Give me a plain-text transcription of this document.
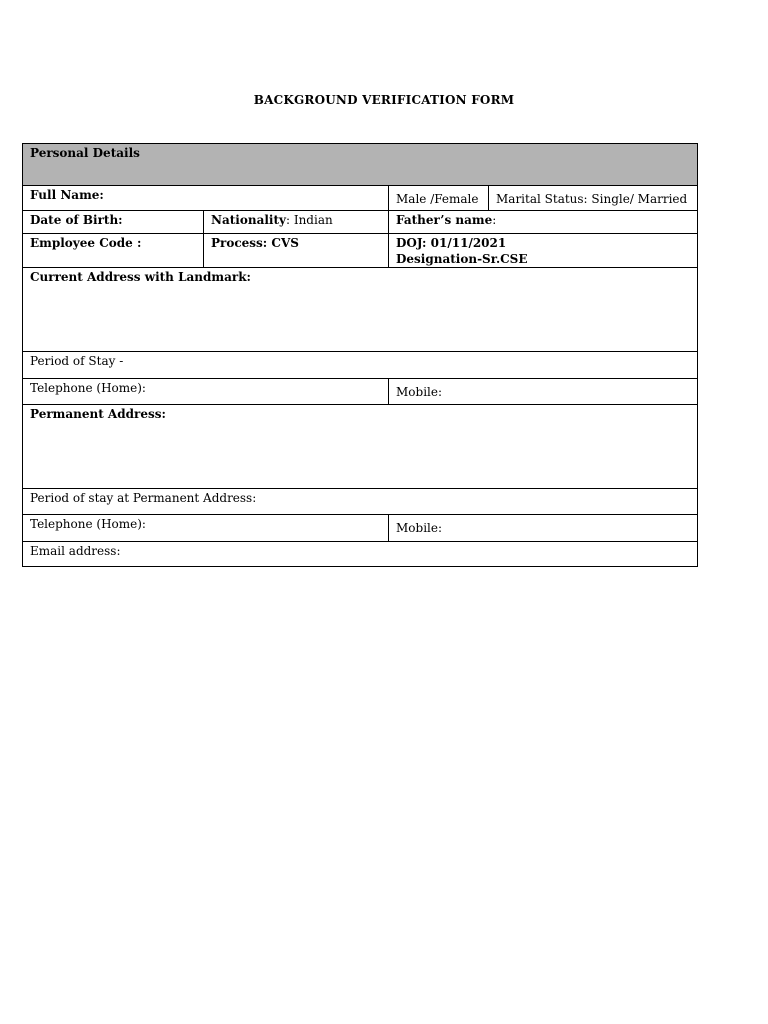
BACKGROUND VERIFICATION FORM
Personal Details			
Full Name:		Male /Female	Marital Status: Single/ Married
Date of Birth:	Nationality: Indian	Father’s name:	
Employee Code :	Process: CVS	DOJ: 01/11/2021
Designation-Sr.CSE	

Current Address with Landmark:			
Period of Stay -			
Telephone (Home):		Mobile:	
Permanent Address:			
Period of stay at Permanent Address:			
Telephone (Home):		Mobile:	
Email address:			
